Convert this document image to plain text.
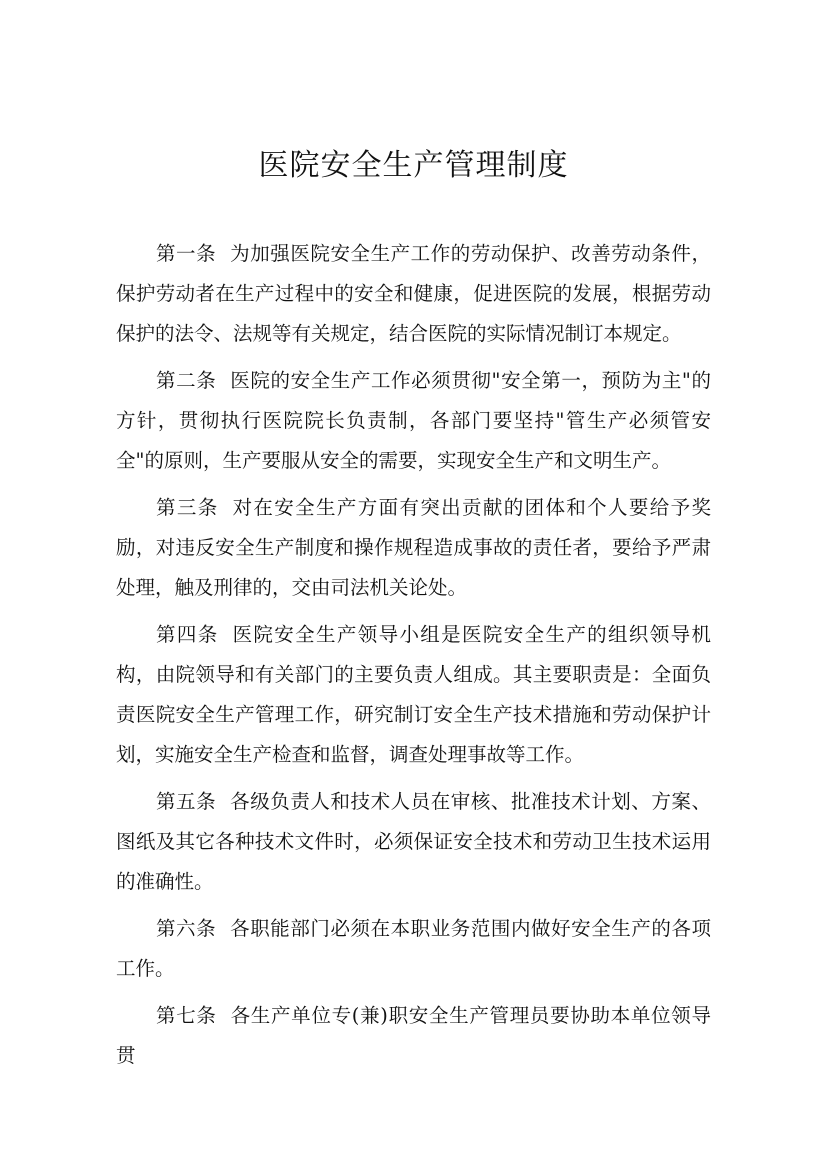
医院安全生产管理制度

第一条 为加强医院安全生产工作的劳动保护、改善劳动条件，保护劳动者在生产过程中的安全和健康，促进医院的发展，根据劳动保护的法令、法规等有关规定，结合医院的实际情况制订本规定。

第二条 医院的安全生产工作必须贯彻"安全第一，预防为主"的方针，贯彻执行医院院长负责制，各部门要坚持"管生产必须管安全"的原则，生产要服从安全的需要，实现安全生产和文明生产。

第三条 对在安全生产方面有突出贡献的团体和个人要给予奖励，对违反安全生产制度和操作规程造成事故的责任者，要给予严肃处理，触及刑律的，交由司法机关论处。

第四条 医院安全生产领导小组是医院安全生产的组织领导机构，由院领导和有关部门的主要负责人组成。其主要职责是：全面负责医院安全生产管理工作，研究制订安全生产技术措施和劳动保护计划，实施安全生产检查和监督，调查处理事故等工作。

第五条 各级负责人和技术人员在审核、批准技术计划、方案、图纸及其它各种技术文件时，必须保证安全技术和劳动卫生技术运用的准确性。

第六条 各职能部门必须在本职业务范围内做好安全生产的各项工作。

第七条 各生产单位专(兼)职安全生产管理员要协助本单位领导贯
